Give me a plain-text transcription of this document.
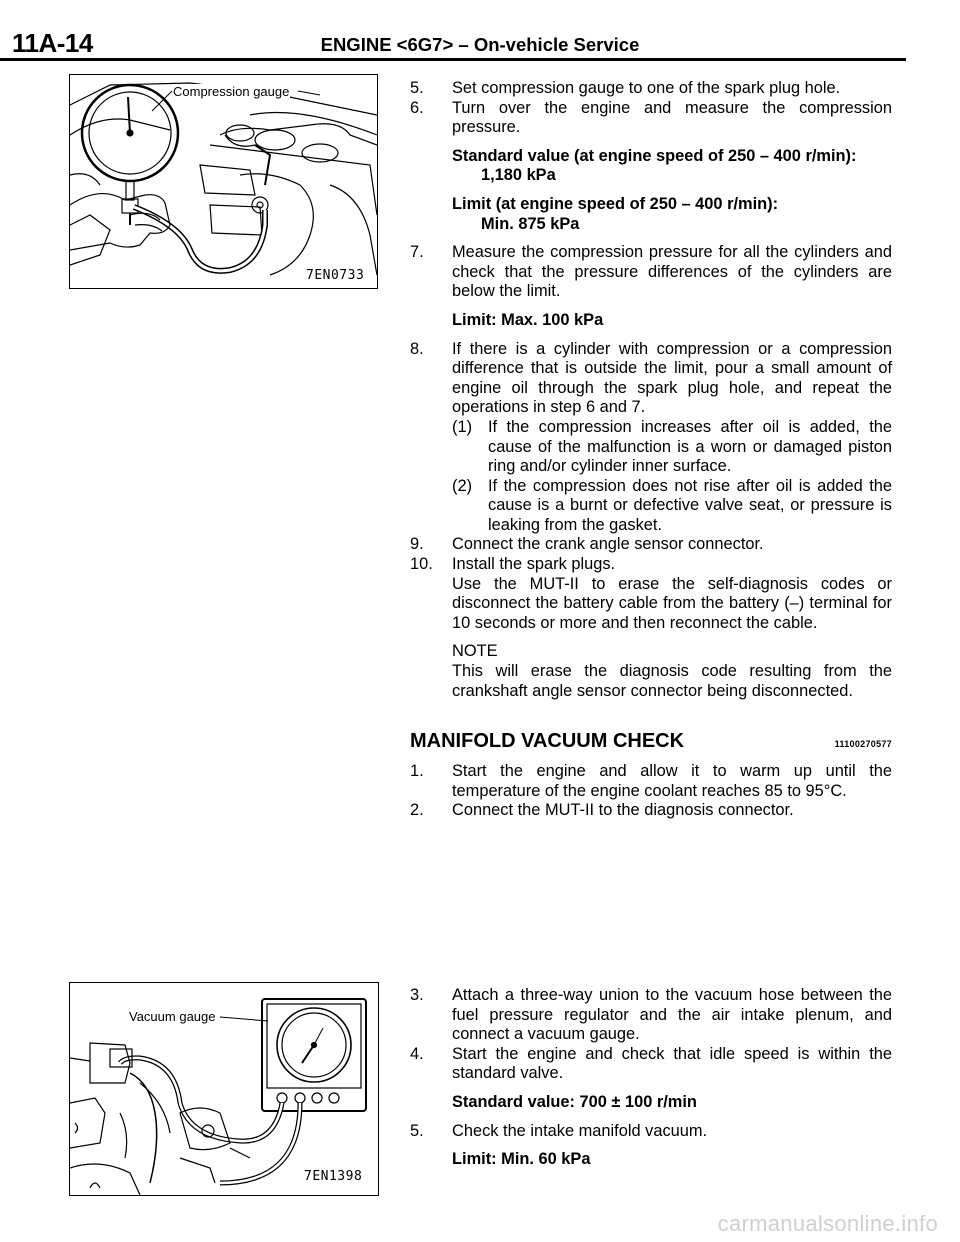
11A-14	ENGINE <6G7> – On-vehicle Service
Compression gauge
7EN0733

5. Set compression gauge to one of the spark plug hole.

6. Turn over the engine and measure the compression pressure.

Standard value (at engine speed of 250 – 400 r/min):
1,180 kPa

Limit (at engine speed of 250 – 400 r/min):
Min. 875 kPa

7. Measure the compression pressure for all the cylinders and check that the pressure differences of the cylinders are below the limit.

Limit: Max. 100 kPa

8. If there is a cylinder with compression or a compression difference that is outside the limit, pour a small amount of engine oil through the spark plug hole, and repeat the operations in step 6 and 7.

(1) If the compression increases after oil is added, the cause of the malfunction is a worn or damaged piston ring and/or cylinder inner surface.

(2) If the compression does not rise after oil is added the cause is a burnt or defective valve seat, or pressure is leaking from the gasket.

9. Connect the crank angle sensor connector.

10. Install the spark plugs.

Use the MUT-II to erase the self-diagnosis codes or disconnect the battery cable from the battery (–) terminal for 10 seconds or more and then reconnect the cable.

NOTE

This will erase the diagnosis code resulting from the crankshaft angle sensor connector being disconnected.

MANIFOLD VACUUM CHECK	11100270577

1. Start the engine and allow it to warm up until the temperature of the engine coolant reaches 85 to 95°C.

2. Connect the MUT-II to the diagnosis connector.

Vacuum gauge
7EN1398

3. Attach a three-way union to the vacuum hose between the fuel pressure regulator and the air intake plenum, and connect a vacuum gauge.

4. Start the engine and check that idle speed is within the standard valve.

Standard value: 700 ± 100 r/min

5. Check the intake manifold vacuum.

Limit: Min. 60 kPa

carmanualsonline.info
